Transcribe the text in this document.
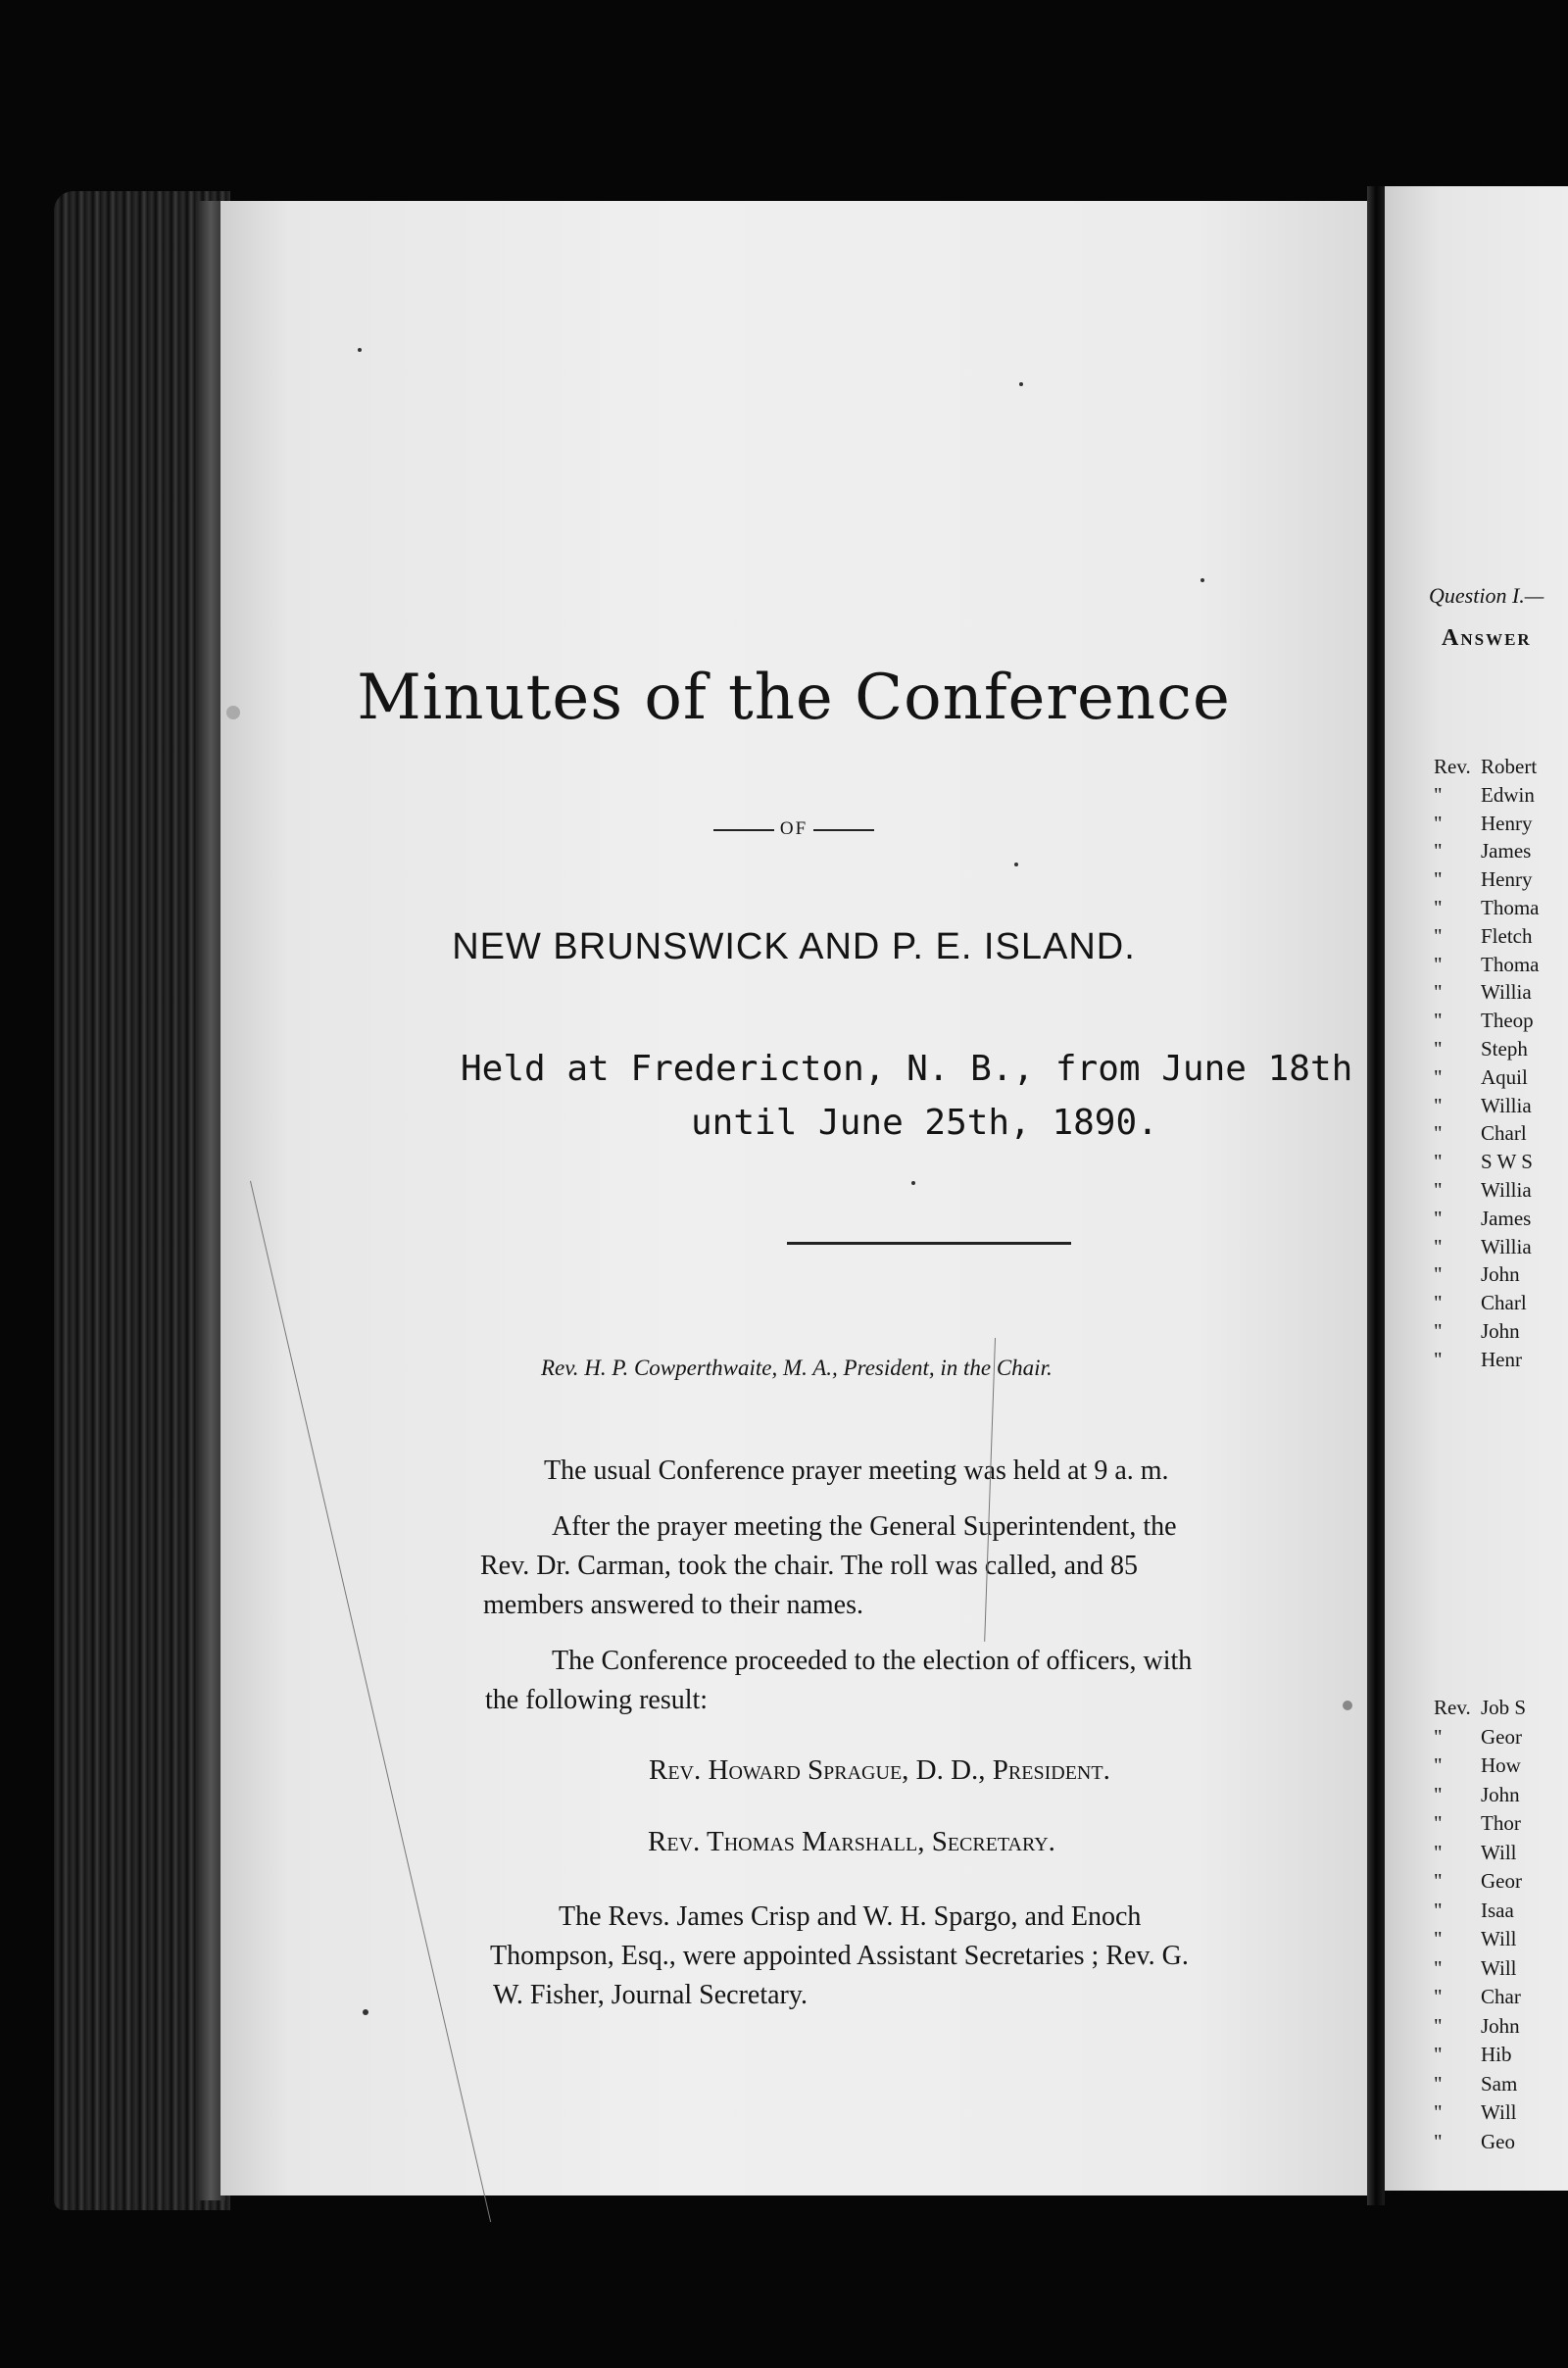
Minutes of the Conference
OF
NEW BRUNSWICK AND P. E. ISLAND.
Held at Fredericton, N. B., from June 18th
until June 25th, 1890.
Rev. H. P. Cowperthwaite, M. A., President, in the Chair.
The usual Conference prayer meeting was held at 9 a. m.
After the prayer meeting the General Superintendent, the
Rev. Dr. Carman, took the chair. The roll was called, and 85
members answered to their names.
The Conference proceeded to the election of officers, with
the following result:
Rev. Howard Sprague, D. D., President.
Rev. Thomas Marshall, Secretary.
The Revs. James Crisp and W. H. Spargo, and Enoch
Thompson, Esq., were appointed Assistant Secretaries ; Rev. G.
W. Fisher, Journal Secretary.
Question I.—
Answer
Rev. Robert
" Edwin
" Henry
" James
" Henry
" Thoma
" Fletch
" Thoma
" Willia
" Theop
" Steph
" Aquil
" Willia
" Charl
" S W S
" Willia
" James
" Willia
" John
" Charl
" John
" Henr
Rev. Job S
" Geor
" How
" John
" Thor
" Will
" Geor
" Isaa
" Will
" Will
" Char
" John
" Hib
" Sam
" Will
" Geo
